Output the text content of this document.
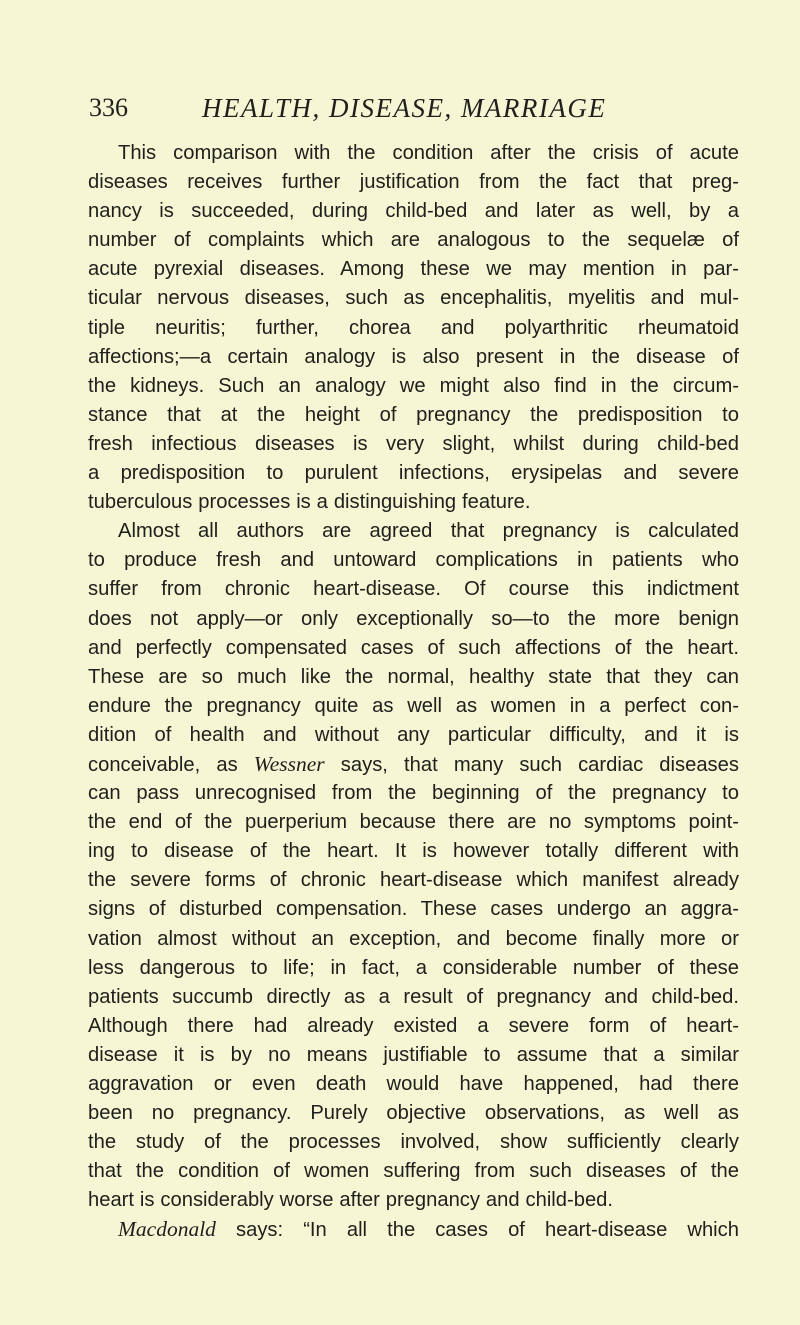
336	HEALTH, DISEASE, MARRIAGE
This comparison with the condition after the crisis of acute
diseases receives further justification from the fact that preg-
nancy is succeeded, during child-bed and later as well, by a
number of complaints which are analogous to the sequelæ of
acute pyrexial diseases. Among these we may mention in par-
ticular nervous diseases, such as encephalitis, myelitis and mul-
tiple neuritis; further, chorea and polyarthritic rheumatoid
affections;—a certain analogy is also present in the disease of
the kidneys. Such an analogy we might also find in the circum-
stance that at the height of pregnancy the predisposition to
fresh infectious diseases is very slight, whilst during child-bed
a predisposition to purulent infections, erysipelas and severe
tuberculous processes is a distinguishing feature.
Almost all authors are agreed that pregnancy is calculated
to produce fresh and untoward complications in patients who
suffer from chronic heart-disease. Of course this indictment
does not apply—or only exceptionally so—to the more benign
and perfectly compensated cases of such affections of the heart.
These are so much like the normal, healthy state that they can
endure the pregnancy quite as well as women in a perfect con-
dition of health and without any particular difficulty, and it is
conceivable, as Wessner says, that many such cardiac diseases
can pass unrecognised from the beginning of the pregnancy to
the end of the puerperium because there are no symptoms point-
ing to disease of the heart. It is however totally different with
the severe forms of chronic heart-disease which manifest already
signs of disturbed compensation. These cases undergo an aggra-
vation almost without an exception, and become finally more or
less dangerous to life; in fact, a considerable number of these
patients succumb directly as a result of pregnancy and child-bed.
Although there had already existed a severe form of heart-
disease it is by no means justifiable to assume that a similar
aggravation or even death would have happened, had there
been no pregnancy. Purely objective observations, as well as
the study of the processes involved, show sufficiently clearly
that the condition of women suffering from such diseases of the
heart is considerably worse after pregnancy and child-bed.
Macdonald says: “In all the cases of heart-disease which
